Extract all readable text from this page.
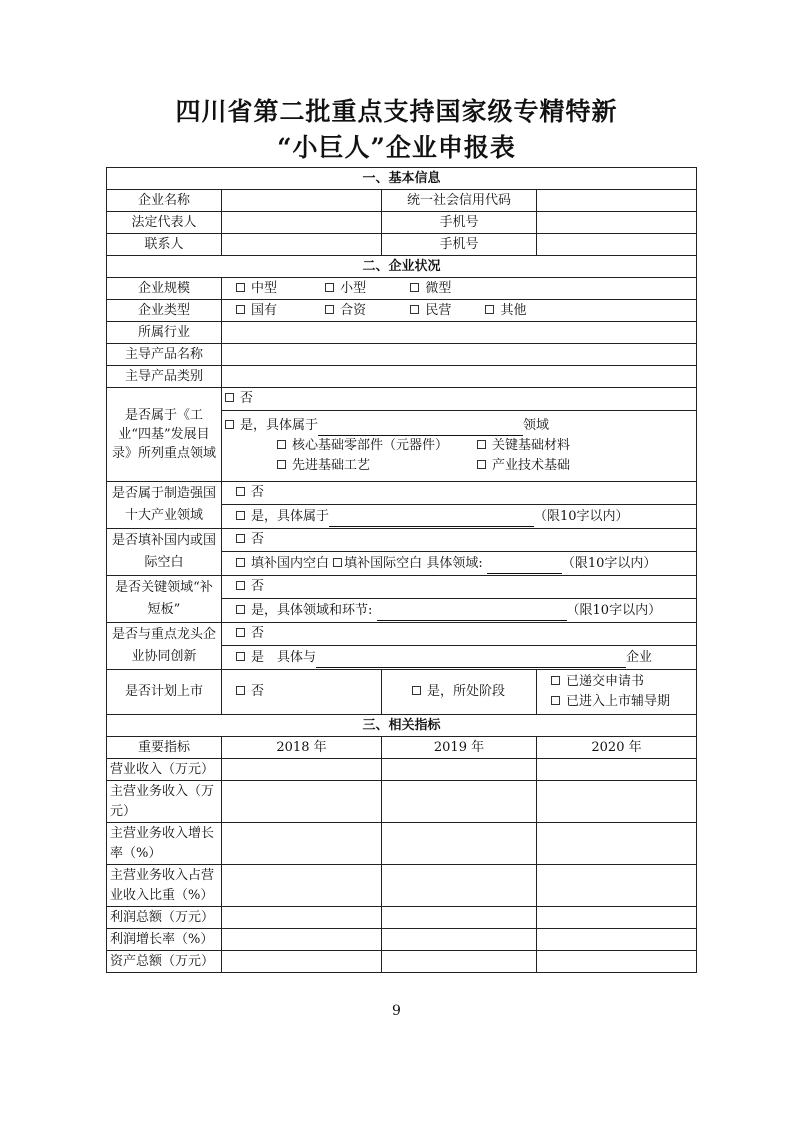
四川省第二批重点支持国家级专精特新
“小巨人”企业申报表
一、基本信息			
企业名称		统一社会信用代码	
法定代表人		手机号	
联系人		手机号	
二、企业状况			
企业规模	中型 小型 微型		
企业类型	国有 合资 民营 其他		
所属行业			
主导产品名称			
主导产品类别			
是否属于《工业“四基”发展目录》所列重点领域	否		

	是，具体属于 领域
核心基础零部件（元器件） 关键基础材料
先进基础工艺 产业技术基础		

是否属于制造强国十大产业领域	否		
	是，具体属于 （限10字以内）		
是否填补国内或国际空白	否		
	填补国内空白 填补国际空白 具体领域: （限10字以内）		
是否关键领域“补短板”	否		
	是，具体领域和环节: （限10字以内）		
是否与重点龙头企业协同创新	否		
	是　具体与 企业		
是否计划上市	否	是，所处阶段	已递交申请书
已进入上市辅导期

三、相关指标			
重要指标	2018 年	2019 年	2020 年
营业收入（万元）			
主营业务收入（万元）			
主营业务收入增长率（%）			
主营业务收入占营业收入比重（%）			
利润总额（万元）			
利润增长率（%）			
资产总额（万元）			
9
